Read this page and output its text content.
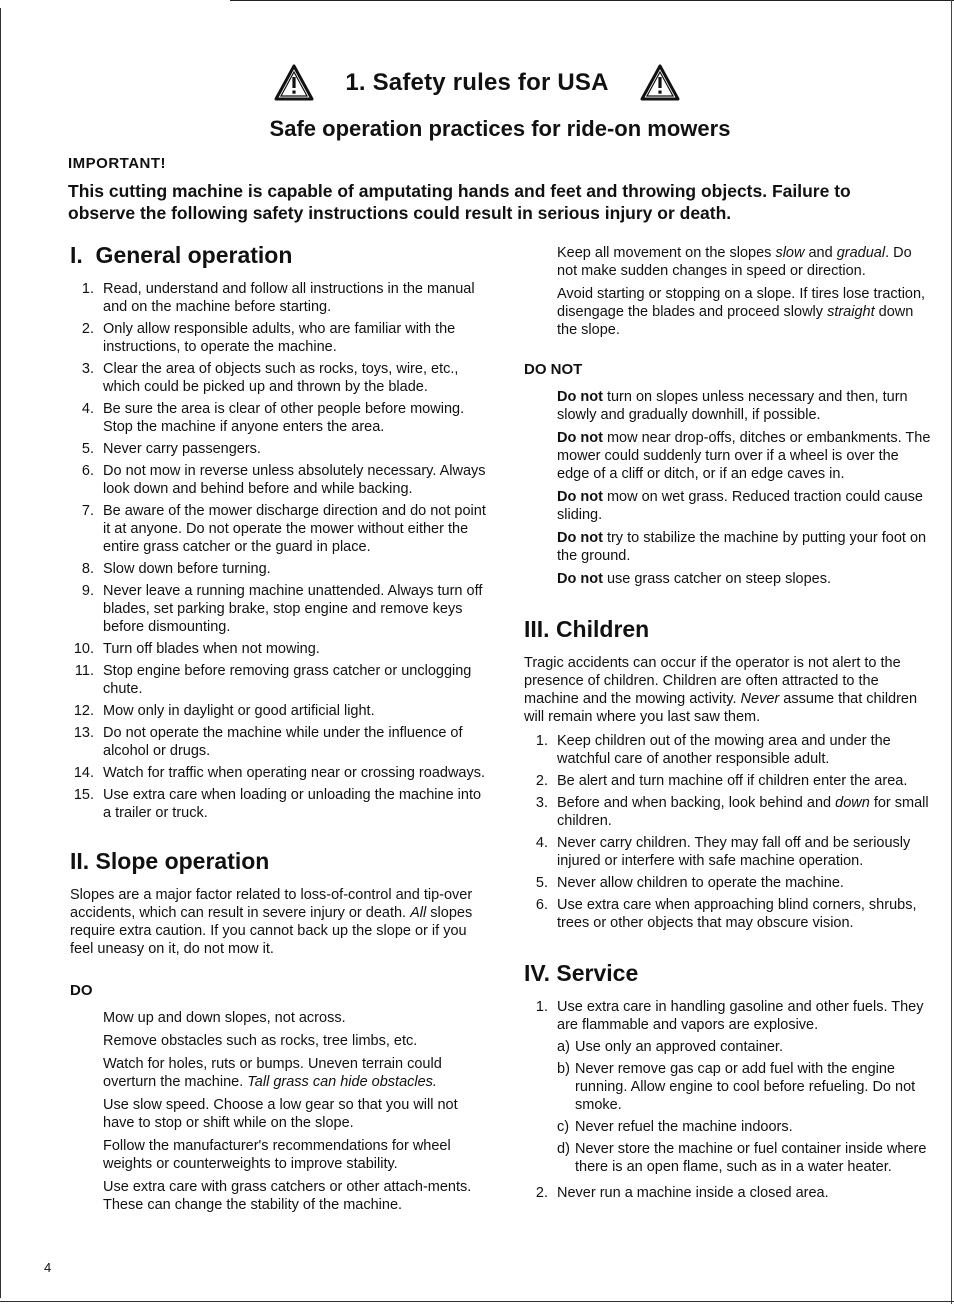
1. Safety rules for USA
Safe operation practices for ride-on mowers
IMPORTANT!
This cutting machine is capable of amputating hands and feet and throwing objects. Failure to observe the following safety instructions could result in serious injury or death.
I.  General operation
1. Read, understand and follow all instructions in the manual and on the machine before starting.
2. Only allow responsible adults, who are familiar with the instructions, to operate the machine.
3. Clear the area of objects such as rocks, toys, wire, etc., which could be picked up and thrown by the blade.
4. Be sure the area is clear of other people before mowing. Stop the machine if anyone enters the area.
5. Never carry passengers.
6. Do not mow in reverse unless absolutely necessary. Always look down and behind before and while backing.
7. Be aware of the mower discharge direction and do not point it at anyone. Do not operate the mower without either the entire grass catcher or the guard in place.
8. Slow down before turning.
9. Never leave a running machine unattended. Always turn off blades, set parking brake, stop engine and remove keys before dismounting.
10. Turn off blades when not mowing.
11. Stop engine before removing grass catcher or unclogging chute.
12. Mow only in daylight or good artificial light.
13. Do not operate the machine while under the influence of alcohol or drugs.
14. Watch for traffic when operating near or crossing roadways.
15. Use extra care when loading or unloading the machine into a trailer or truck.
II. Slope operation

Slopes are a major factor related to loss-of-control and tip-over accidents, which can result in severe injury or death. All slopes require extra caution. If you cannot back up the slope or if you feel uneasy on it, do not mow it.

DO

Mow up and down slopes, not across.

Remove obstacles such as rocks, tree limbs, etc.

Watch for holes, ruts or bumps. Uneven terrain could overturn the machine. Tall grass can hide obstacles.

Use slow speed. Choose a low gear so that you will not have to stop or shift while on the slope.

Follow the manufacturer's recommendations for wheel weights or counterweights to improve stability.

Use extra care with grass catchers or other attach-ments. These can change the stability of the machine.

Keep all movement on the slopes slow and gradual. Do not make sudden changes in speed or direction.

Avoid starting or stopping on a slope. If tires lose traction, disengage the blades and proceed slowly straight down the slope.

DO NOT

Do not turn on slopes unless necessary and then, turn slowly and gradually downhill, if possible.

Do not mow near drop-offs, ditches or embankments. The mower could suddenly turn over if a wheel is over the edge of a cliff or ditch, or if an edge caves in.

Do not mow on wet grass. Reduced traction could cause sliding.

Do not try to stabilize the machine by putting your foot on the ground.

Do not use grass catcher on steep slopes.

III. Children

Tragic accidents can occur if the operator is not alert to the presence of children. Children are often attracted to the machine and the mowing activity. Never assume that children will remain where you last saw them.

1. Keep children out of the mowing area and under the watchful care of another responsible adult.
2. Be alert and turn machine off if children enter the area.
3. Before and when backing, look behind and down for small children.
4. Never carry children. They may fall off and be seriously injured or interfere with safe machine operation.
5. Never allow children to operate the machine.
6. Use extra care when approaching blind corners, shrubs, trees or other objects that may obscure vision.
IV. Service
1. Use extra care in handling gasoline and other fuels. They are flammable and vapors are explosive.
a) Use only an approved container.
b) Never remove gas cap or add fuel with the engine running. Allow engine to cool before refueling. Do not smoke.
c) Never refuel the machine indoors.
d) Never store the machine or fuel container inside where there is an open flame, such as in a water heater.
2. Never run a machine inside a closed area.
4
